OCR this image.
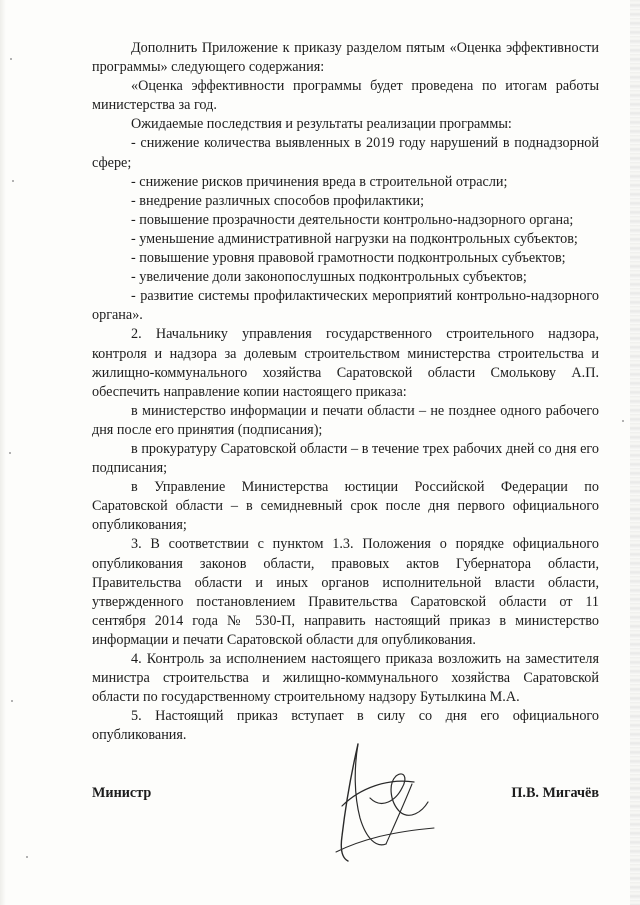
Дополнить Приложение к приказу разделом пятым «Оценка эффективности программы» следующего содержания:

«Оценка эффективности программы будет проведена по итогам работы министерства за год.

Ожидаемые последствия и результаты реализации программы:

- снижение количества выявленных в 2019 году нарушений в поднадзорной сфере;

- снижение рисков причинения вреда в строительной отрасли;

- внедрение различных способов профилактики;

- повышение прозрачности деятельности контрольно-надзорного органа;

- уменьшение административной нагрузки на подконтрольных субъектов;

- повышение уровня правовой грамотности подконтрольных субъектов;

- увеличение доли законопослушных подконтрольных субъектов;

- развитие системы профилактических мероприятий контрольно-надзорного органа».

2. Начальнику управления государственного строительного надзора, контроля и надзора за долевым строительством министерства строительства и жилищно-коммунального хозяйства Саратовской области Смолькову А.П. обеспечить направление копии настоящего приказа:

в министерство информации и печати области – не позднее одного рабочего дня после его принятия (подписания);

в прокуратуру Саратовской области – в течение трех рабочих дней со дня его подписания;

в Управление Министерства юстиции Российской Федерации по Саратовской области – в семидневный срок после дня первого официального опубликования;

3. В соответствии с пунктом 1.3. Положения о порядке официального опубликования законов области, правовых актов Губернатора области, Правительства области и иных органов исполнительной власти области, утвержденного постановлением Правительства Саратовской области от 11 сентября 2014 года № 530-П, направить настоящий приказ в министерство информации и печати Саратовской области для опубликования.

4. Контроль за исполнением настоящего приказа возложить на заместителя министра строительства и жилищно-коммунального хозяйства Саратовской области по государственному строительному надзору Бутылкина М.А.

5. Настоящий приказ вступает в силу со дня его официального опубликования.

Министр	П.В. Мигачёв
